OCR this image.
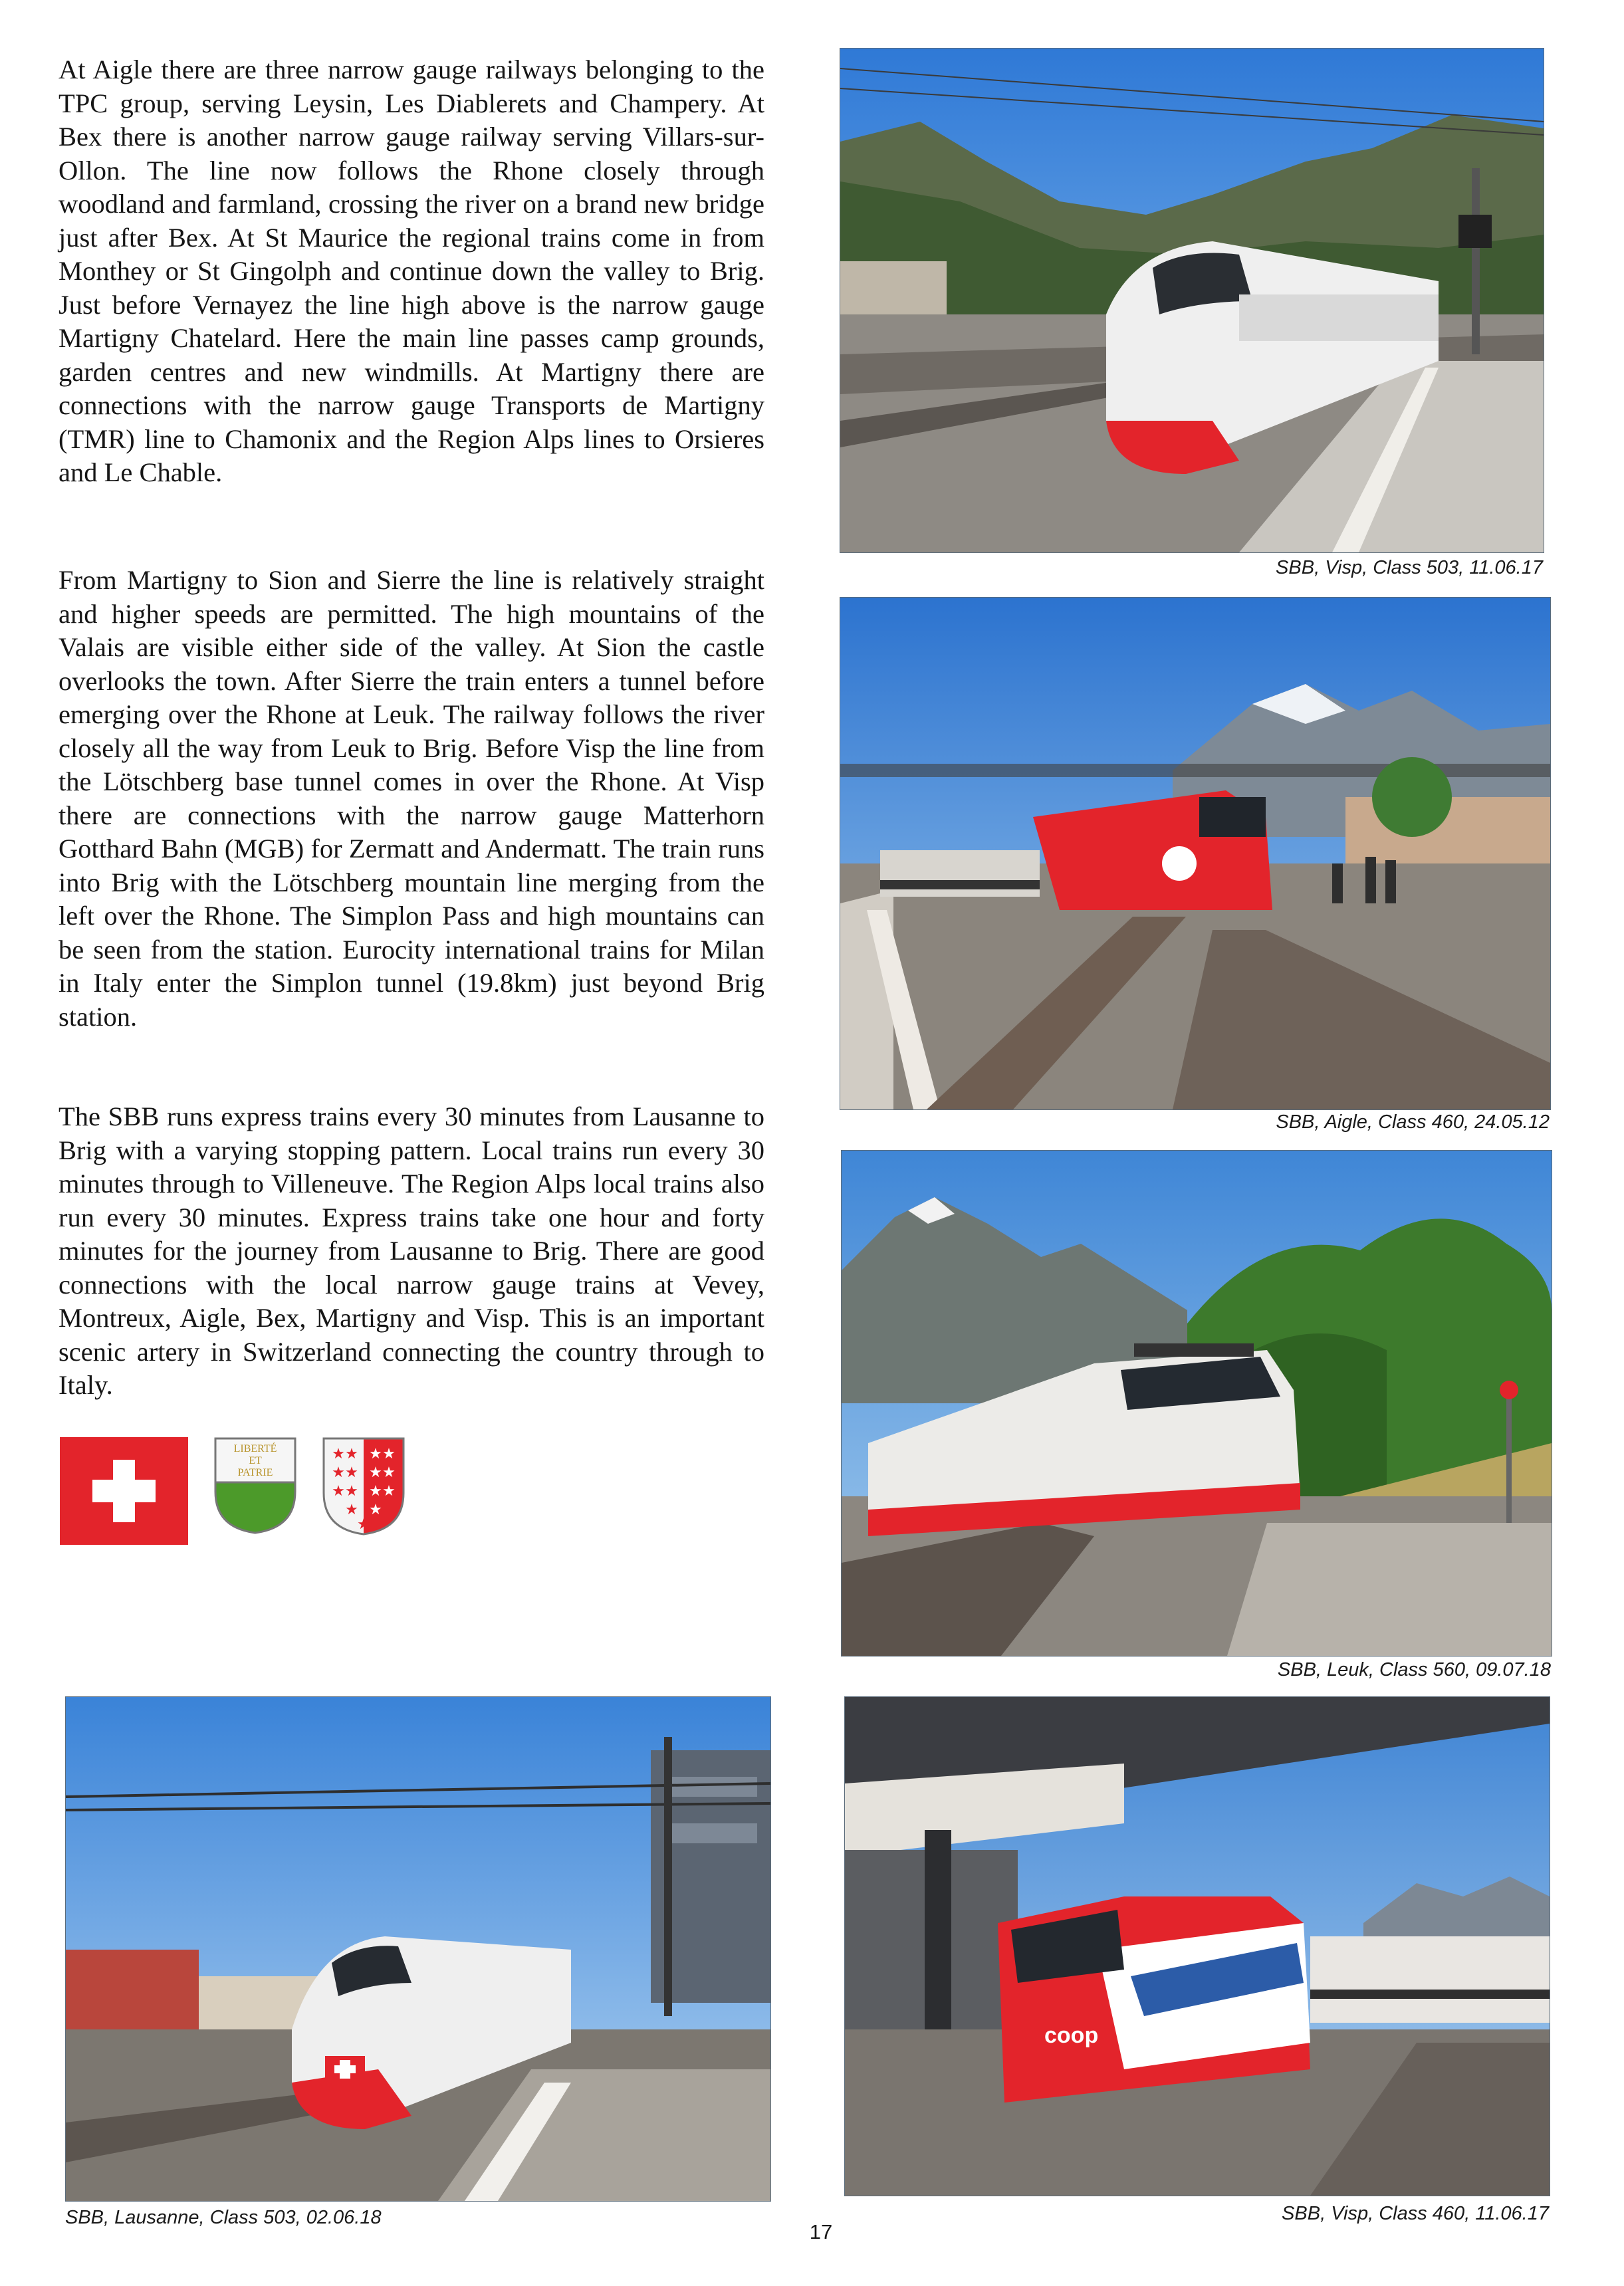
At Aigle there are three narrow gauge railways belonging to the TPC group, serving Leysin, Les Diablerets and Champery. At Bex there is another narrow gauge railway serving Villars-sur-Ollon. The line now follows the Rhone closely through woodland and farmland, crossing the river on a brand new bridge just after Bex. At St Maurice the regional trains come in from Monthey or St Gingolph and continue down the valley to Brig. Just before Vernayez the line high above is the narrow gauge Martigny Chatelard. Here the main line passes camp grounds, garden centres and new windmills. At Martigny there are connections with the narrow gauge Transports de Martigny (TMR) line to Chamonix and the Region Alps lines to Orsieres and Le Chable.

From Martigny to Sion and Sierre the line is relatively straight and higher speeds are permitted. The high mountains of the Valais are visible either side of the valley. At Sion the castle overlooks the town. After Sierre the train enters a tunnel before emerging over the Rhone at Leuk. The railway follows the river closely all the way from Leuk to Brig. Before Visp the line from the Lötschberg base tunnel comes in over the Rhone. At Visp there are connections with the narrow gauge Matterhorn Gotthard Bahn (MGB) for Zermatt and Andermatt. The train runs into Brig with the Lötschberg mountain line merging from the left over the Rhone. The Simplon Pass and high mountains can be seen from the station. Eurocity international trains for Milan in Italy enter the Simplon tunnel (19.8km) just beyond Brig station.

The SBB runs express trains every 30 minutes from Lausanne to Brig with a varying stopping pattern. Local trains run every 30 minutes through to Villeneuve. The Region Alps local trains also run every 30 minutes. Express trains take one hour and forty minutes for the journey from Lausanne to Brig. There are good connections with the local narrow gauge trains at Vevey, Montreux, Aigle, Bex, Martigny and Visp. This is an important scenic artery in Switzerland connecting the country through to Italy.

LIBERTÉ
ET
PATRIE
★ ★ ★ ★
★ ★ ★ ★
★ ★ ★ ★
★ ★
★
SBB, Visp, Class 503, 11.06.17
SBB, Aigle, Class 460, 24.05.12
SBB, Leuk, Class 560, 09.07.18
SBB, Lausanne, Class 503, 02.06.18
coop
SBB, Visp, Class 460, 11.06.17
17
